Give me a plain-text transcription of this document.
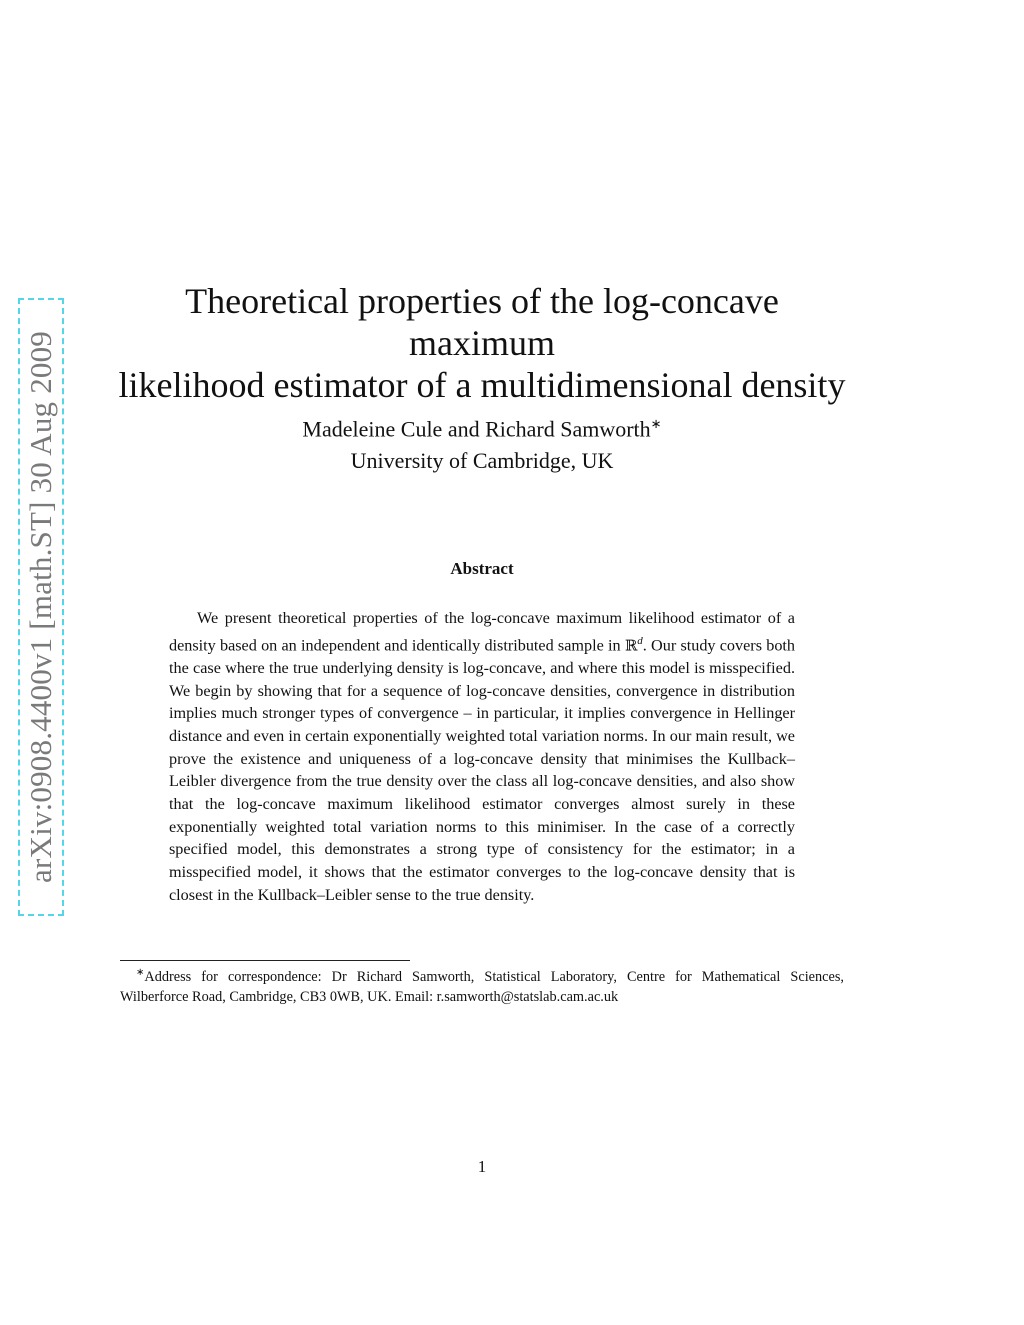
arXiv:0908.4400v1 [math.ST] 30 Aug 2009
Theoretical properties of the log-concave maximum
likelihood estimator of a multidimensional density
Madeleine Cule and Richard Samworth∗
University of Cambridge, UK
Abstract

We present theoretical properties of the log-concave maximum likelihood estimator of a density based on an independent and identically distributed sample in ℝ$^d$. Our study covers both the case where the true underlying density is log-concave, and where this model is misspecified. We begin by showing that for a sequence of log-concave densities, convergence in distribution implies much stronger types of convergence – in particular, it implies convergence in Hellinger distance and even in certain exponentially weighted total variation norms. In our main result, we prove the existence and uniqueness of a log-concave density that minimises the Kullback–Leibler divergence from the true density over the class all log-concave densities, and also show that the log-concave maximum likelihood estimator converges almost surely in these exponentially weighted total variation norms to this minimiser. In the case of a correctly specified model, this demonstrates a strong type of consistency for the estimator; in a misspecified model, it shows that the estimator converges to the log-concave density that is closest in the Kullback–Leibler sense to the true density.

∗Address for correspondence: Dr Richard Samworth, Statistical Laboratory, Centre for Mathematical Sciences, Wilberforce Road, Cambridge, CB3 0WB, UK. Email: r.samworth@statslab.cam.ac.uk

1
